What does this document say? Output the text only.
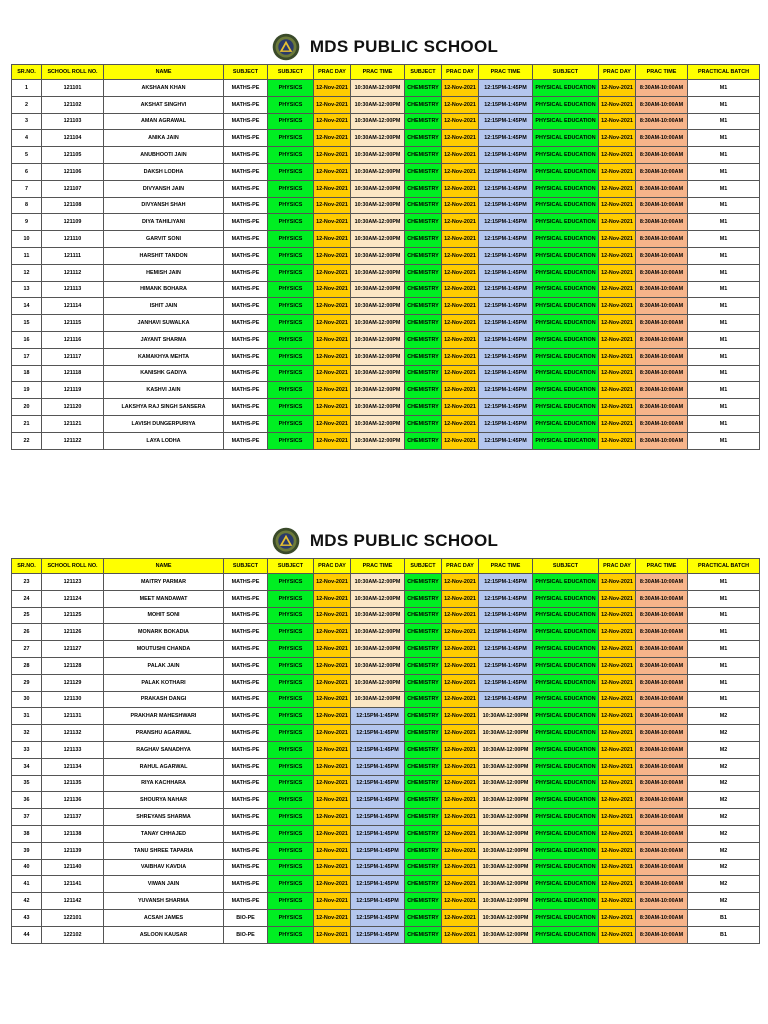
MDS PUBLIC SCHOOL
SR.NO.	SCHOOL ROLL NO.	NAME	SUBJECT	SUBJECT	PRAC DAY	PRAC TIME	SUBJECT	PRAC DAY	PRAC TIME	SUBJECT	PRAC DAY	PRAC TIME	PRACTICAL BATCH
1	121101	AKSHAAN KHAN	MATHS-PE	PHYSICS	12-Nov-2021	10:30AM-12:00PM	CHEMISTRY	12-Nov-2021	12:15PM-1:45PM	PHYSICAL EDUCATION	12-Nov-2021	8:30AM-10:00AM	M1
2	121102	AKSHAT SINGHVI	MATHS-PE	PHYSICS	12-Nov-2021	10:30AM-12:00PM	CHEMISTRY	12-Nov-2021	12:15PM-1:45PM	PHYSICAL EDUCATION	12-Nov-2021	8:30AM-10:00AM	M1
3	121103	AMAN AGRAWAL	MATHS-PE	PHYSICS	12-Nov-2021	10:30AM-12:00PM	CHEMISTRY	12-Nov-2021	12:15PM-1:45PM	PHYSICAL EDUCATION	12-Nov-2021	8:30AM-10:00AM	M1
4	121104	ANIKA JAIN	MATHS-PE	PHYSICS	12-Nov-2021	10:30AM-12:00PM	CHEMISTRY	12-Nov-2021	12:15PM-1:45PM	PHYSICAL EDUCATION	12-Nov-2021	8:30AM-10:00AM	M1
5	121105	ANUBHOOTI JAIN	MATHS-PE	PHYSICS	12-Nov-2021	10:30AM-12:00PM	CHEMISTRY	12-Nov-2021	12:15PM-1:45PM	PHYSICAL EDUCATION	12-Nov-2021	8:30AM-10:00AM	M1
6	121106	DAKSH LODHA	MATHS-PE	PHYSICS	12-Nov-2021	10:30AM-12:00PM	CHEMISTRY	12-Nov-2021	12:15PM-1:45PM	PHYSICAL EDUCATION	12-Nov-2021	8:30AM-10:00AM	M1
7	121107	DIVYANSH JAIN	MATHS-PE	PHYSICS	12-Nov-2021	10:30AM-12:00PM	CHEMISTRY	12-Nov-2021	12:15PM-1:45PM	PHYSICAL EDUCATION	12-Nov-2021	8:30AM-10:00AM	M1
8	121108	DIVYANSH SHAH	MATHS-PE	PHYSICS	12-Nov-2021	10:30AM-12:00PM	CHEMISTRY	12-Nov-2021	12:15PM-1:45PM	PHYSICAL EDUCATION	12-Nov-2021	8:30AM-10:00AM	M1
9	121109	DIYA TAHILIYANI	MATHS-PE	PHYSICS	12-Nov-2021	10:30AM-12:00PM	CHEMISTRY	12-Nov-2021	12:15PM-1:45PM	PHYSICAL EDUCATION	12-Nov-2021	8:30AM-10:00AM	M1
10	121110	GARVIT SONI	MATHS-PE	PHYSICS	12-Nov-2021	10:30AM-12:00PM	CHEMISTRY	12-Nov-2021	12:15PM-1:45PM	PHYSICAL EDUCATION	12-Nov-2021	8:30AM-10:00AM	M1
11	121111	HARSHIT TANDON	MATHS-PE	PHYSICS	12-Nov-2021	10:30AM-12:00PM	CHEMISTRY	12-Nov-2021	12:15PM-1:45PM	PHYSICAL EDUCATION	12-Nov-2021	8:30AM-10:00AM	M1
12	121112	HEMISH JAIN	MATHS-PE	PHYSICS	12-Nov-2021	10:30AM-12:00PM	CHEMISTRY	12-Nov-2021	12:15PM-1:45PM	PHYSICAL EDUCATION	12-Nov-2021	8:30AM-10:00AM	M1
13	121113	HIMANK BOHARA	MATHS-PE	PHYSICS	12-Nov-2021	10:30AM-12:00PM	CHEMISTRY	12-Nov-2021	12:15PM-1:45PM	PHYSICAL EDUCATION	12-Nov-2021	8:30AM-10:00AM	M1
14	121114	ISHIT JAIN	MATHS-PE	PHYSICS	12-Nov-2021	10:30AM-12:00PM	CHEMISTRY	12-Nov-2021	12:15PM-1:45PM	PHYSICAL EDUCATION	12-Nov-2021	8:30AM-10:00AM	M1
15	121115	JANHAVI SUWALKA	MATHS-PE	PHYSICS	12-Nov-2021	10:30AM-12:00PM	CHEMISTRY	12-Nov-2021	12:15PM-1:45PM	PHYSICAL EDUCATION	12-Nov-2021	8:30AM-10:00AM	M1
16	121116	JAYANT SHARMA	MATHS-PE	PHYSICS	12-Nov-2021	10:30AM-12:00PM	CHEMISTRY	12-Nov-2021	12:15PM-1:45PM	PHYSICAL EDUCATION	12-Nov-2021	8:30AM-10:00AM	M1
17	121117	KAMAKHYA MEHTA	MATHS-PE	PHYSICS	12-Nov-2021	10:30AM-12:00PM	CHEMISTRY	12-Nov-2021	12:15PM-1:45PM	PHYSICAL EDUCATION	12-Nov-2021	8:30AM-10:00AM	M1
18	121118	KANISHK GADIYA	MATHS-PE	PHYSICS	12-Nov-2021	10:30AM-12:00PM	CHEMISTRY	12-Nov-2021	12:15PM-1:45PM	PHYSICAL EDUCATION	12-Nov-2021	8:30AM-10:00AM	M1
19	121119	KASHVI JAIN	MATHS-PE	PHYSICS	12-Nov-2021	10:30AM-12:00PM	CHEMISTRY	12-Nov-2021	12:15PM-1:45PM	PHYSICAL EDUCATION	12-Nov-2021	8:30AM-10:00AM	M1
20	121120	LAKSHYA RAJ SINGH SANSERA	MATHS-PE	PHYSICS	12-Nov-2021	10:30AM-12:00PM	CHEMISTRY	12-Nov-2021	12:15PM-1:45PM	PHYSICAL EDUCATION	12-Nov-2021	8:30AM-10:00AM	M1
21	121121	LAVISH DUNGERPURIYA	MATHS-PE	PHYSICS	12-Nov-2021	10:30AM-12:00PM	CHEMISTRY	12-Nov-2021	12:15PM-1:45PM	PHYSICAL EDUCATION	12-Nov-2021	8:30AM-10:00AM	M1
22	121122	LAYA LODHA	MATHS-PE	PHYSICS	12-Nov-2021	10:30AM-12:00PM	CHEMISTRY	12-Nov-2021	12:15PM-1:45PM	PHYSICAL EDUCATION	12-Nov-2021	8:30AM-10:00AM	M1
MDS PUBLIC SCHOOL
SR.NO.	SCHOOL ROLL NO.	NAME	SUBJECT	SUBJECT	PRAC DAY	PRAC TIME	SUBJECT	PRAC DAY	PRAC TIME	SUBJECT	PRAC DAY	PRAC TIME	PRACTICAL BATCH
23	121123	MAITRY PARMAR	MATHS-PE	PHYSICS	12-Nov-2021	10:30AM-12:00PM	CHEMISTRY	12-Nov-2021	12:15PM-1:45PM	PHYSICAL EDUCATION	12-Nov-2021	8:30AM-10:00AM	M1
24	121124	MEET MANDAWAT	MATHS-PE	PHYSICS	12-Nov-2021	10:30AM-12:00PM	CHEMISTRY	12-Nov-2021	12:15PM-1:45PM	PHYSICAL EDUCATION	12-Nov-2021	8:30AM-10:00AM	M1
25	121125	MOHIT SONI	MATHS-PE	PHYSICS	12-Nov-2021	10:30AM-12:00PM	CHEMISTRY	12-Nov-2021	12:15PM-1:45PM	PHYSICAL EDUCATION	12-Nov-2021	8:30AM-10:00AM	M1
26	121126	MONARK BOKADIA	MATHS-PE	PHYSICS	12-Nov-2021	10:30AM-12:00PM	CHEMISTRY	12-Nov-2021	12:15PM-1:45PM	PHYSICAL EDUCATION	12-Nov-2021	8:30AM-10:00AM	M1
27	121127	MOUTUSHI CHANDA	MATHS-PE	PHYSICS	12-Nov-2021	10:30AM-12:00PM	CHEMISTRY	12-Nov-2021	12:15PM-1:45PM	PHYSICAL EDUCATION	12-Nov-2021	8:30AM-10:00AM	M1
28	121128	PALAK JAIN	MATHS-PE	PHYSICS	12-Nov-2021	10:30AM-12:00PM	CHEMISTRY	12-Nov-2021	12:15PM-1:45PM	PHYSICAL EDUCATION	12-Nov-2021	8:30AM-10:00AM	M1
29	121129	PALAK KOTHARI	MATHS-PE	PHYSICS	12-Nov-2021	10:30AM-12:00PM	CHEMISTRY	12-Nov-2021	12:15PM-1:45PM	PHYSICAL EDUCATION	12-Nov-2021	8:30AM-10:00AM	M1
30	121130	PRAKASH DANGI	MATHS-PE	PHYSICS	12-Nov-2021	10:30AM-12:00PM	CHEMISTRY	12-Nov-2021	12:15PM-1:45PM	PHYSICAL EDUCATION	12-Nov-2021	8:30AM-10:00AM	M1
31	121131	PRAKHAR MAHESHWARI	MATHS-PE	PHYSICS	12-Nov-2021	12:15PM-1:45PM	CHEMISTRY	12-Nov-2021	10:30AM-12:00PM	PHYSICAL EDUCATION	12-Nov-2021	8:30AM-10:00AM	M2
32	121132	PRANSHU AGARWAL	MATHS-PE	PHYSICS	12-Nov-2021	12:15PM-1:45PM	CHEMISTRY	12-Nov-2021	10:30AM-12:00PM	PHYSICAL EDUCATION	12-Nov-2021	8:30AM-10:00AM	M2
33	121133	RAGHAV SANADHYA	MATHS-PE	PHYSICS	12-Nov-2021	12:15PM-1:45PM	CHEMISTRY	12-Nov-2021	10:30AM-12:00PM	PHYSICAL EDUCATION	12-Nov-2021	8:30AM-10:00AM	M2
34	121134	RAHUL AGARWAL	MATHS-PE	PHYSICS	12-Nov-2021	12:15PM-1:45PM	CHEMISTRY	12-Nov-2021	10:30AM-12:00PM	PHYSICAL EDUCATION	12-Nov-2021	8:30AM-10:00AM	M2
35	121135	RIYA KACHHARA	MATHS-PE	PHYSICS	12-Nov-2021	12:15PM-1:45PM	CHEMISTRY	12-Nov-2021	10:30AM-12:00PM	PHYSICAL EDUCATION	12-Nov-2021	8:30AM-10:00AM	M2
36	121136	SHOURYA NAHAR	MATHS-PE	PHYSICS	12-Nov-2021	12:15PM-1:45PM	CHEMISTRY	12-Nov-2021	10:30AM-12:00PM	PHYSICAL EDUCATION	12-Nov-2021	8:30AM-10:00AM	M2
37	121137	SHREYANS SHARMA	MATHS-PE	PHYSICS	12-Nov-2021	12:15PM-1:45PM	CHEMISTRY	12-Nov-2021	10:30AM-12:00PM	PHYSICAL EDUCATION	12-Nov-2021	8:30AM-10:00AM	M2
38	121138	TANAY CHHAJED	MATHS-PE	PHYSICS	12-Nov-2021	12:15PM-1:45PM	CHEMISTRY	12-Nov-2021	10:30AM-12:00PM	PHYSICAL EDUCATION	12-Nov-2021	8:30AM-10:00AM	M2
39	121139	TANU SHREE TAPARIA	MATHS-PE	PHYSICS	12-Nov-2021	12:15PM-1:45PM	CHEMISTRY	12-Nov-2021	10:30AM-12:00PM	PHYSICAL EDUCATION	12-Nov-2021	8:30AM-10:00AM	M2
40	121140	VAIBHAV KAVDIA	MATHS-PE	PHYSICS	12-Nov-2021	12:15PM-1:45PM	CHEMISTRY	12-Nov-2021	10:30AM-12:00PM	PHYSICAL EDUCATION	12-Nov-2021	8:30AM-10:00AM	M2
41	121141	VIWAN JAIN	MATHS-PE	PHYSICS	12-Nov-2021	12:15PM-1:45PM	CHEMISTRY	12-Nov-2021	10:30AM-12:00PM	PHYSICAL EDUCATION	12-Nov-2021	8:30AM-10:00AM	M2
42	121142	YUVANSH SHARMA	MATHS-PE	PHYSICS	12-Nov-2021	12:15PM-1:45PM	CHEMISTRY	12-Nov-2021	10:30AM-12:00PM	PHYSICAL EDUCATION	12-Nov-2021	8:30AM-10:00AM	M2
43	122101	ACSAH JAMES	BIO-PE	PHYSICS	12-Nov-2021	12:15PM-1:45PM	CHEMISTRY	12-Nov-2021	10:30AM-12:00PM	PHYSICAL EDUCATION	12-Nov-2021	8:30AM-10:00AM	B1
44	122102	ASLOON KAUSAR	BIO-PE	PHYSICS	12-Nov-2021	12:15PM-1:45PM	CHEMISTRY	12-Nov-2021	10:30AM-12:00PM	PHYSICAL EDUCATION	12-Nov-2021	8:30AM-10:00AM	B1
